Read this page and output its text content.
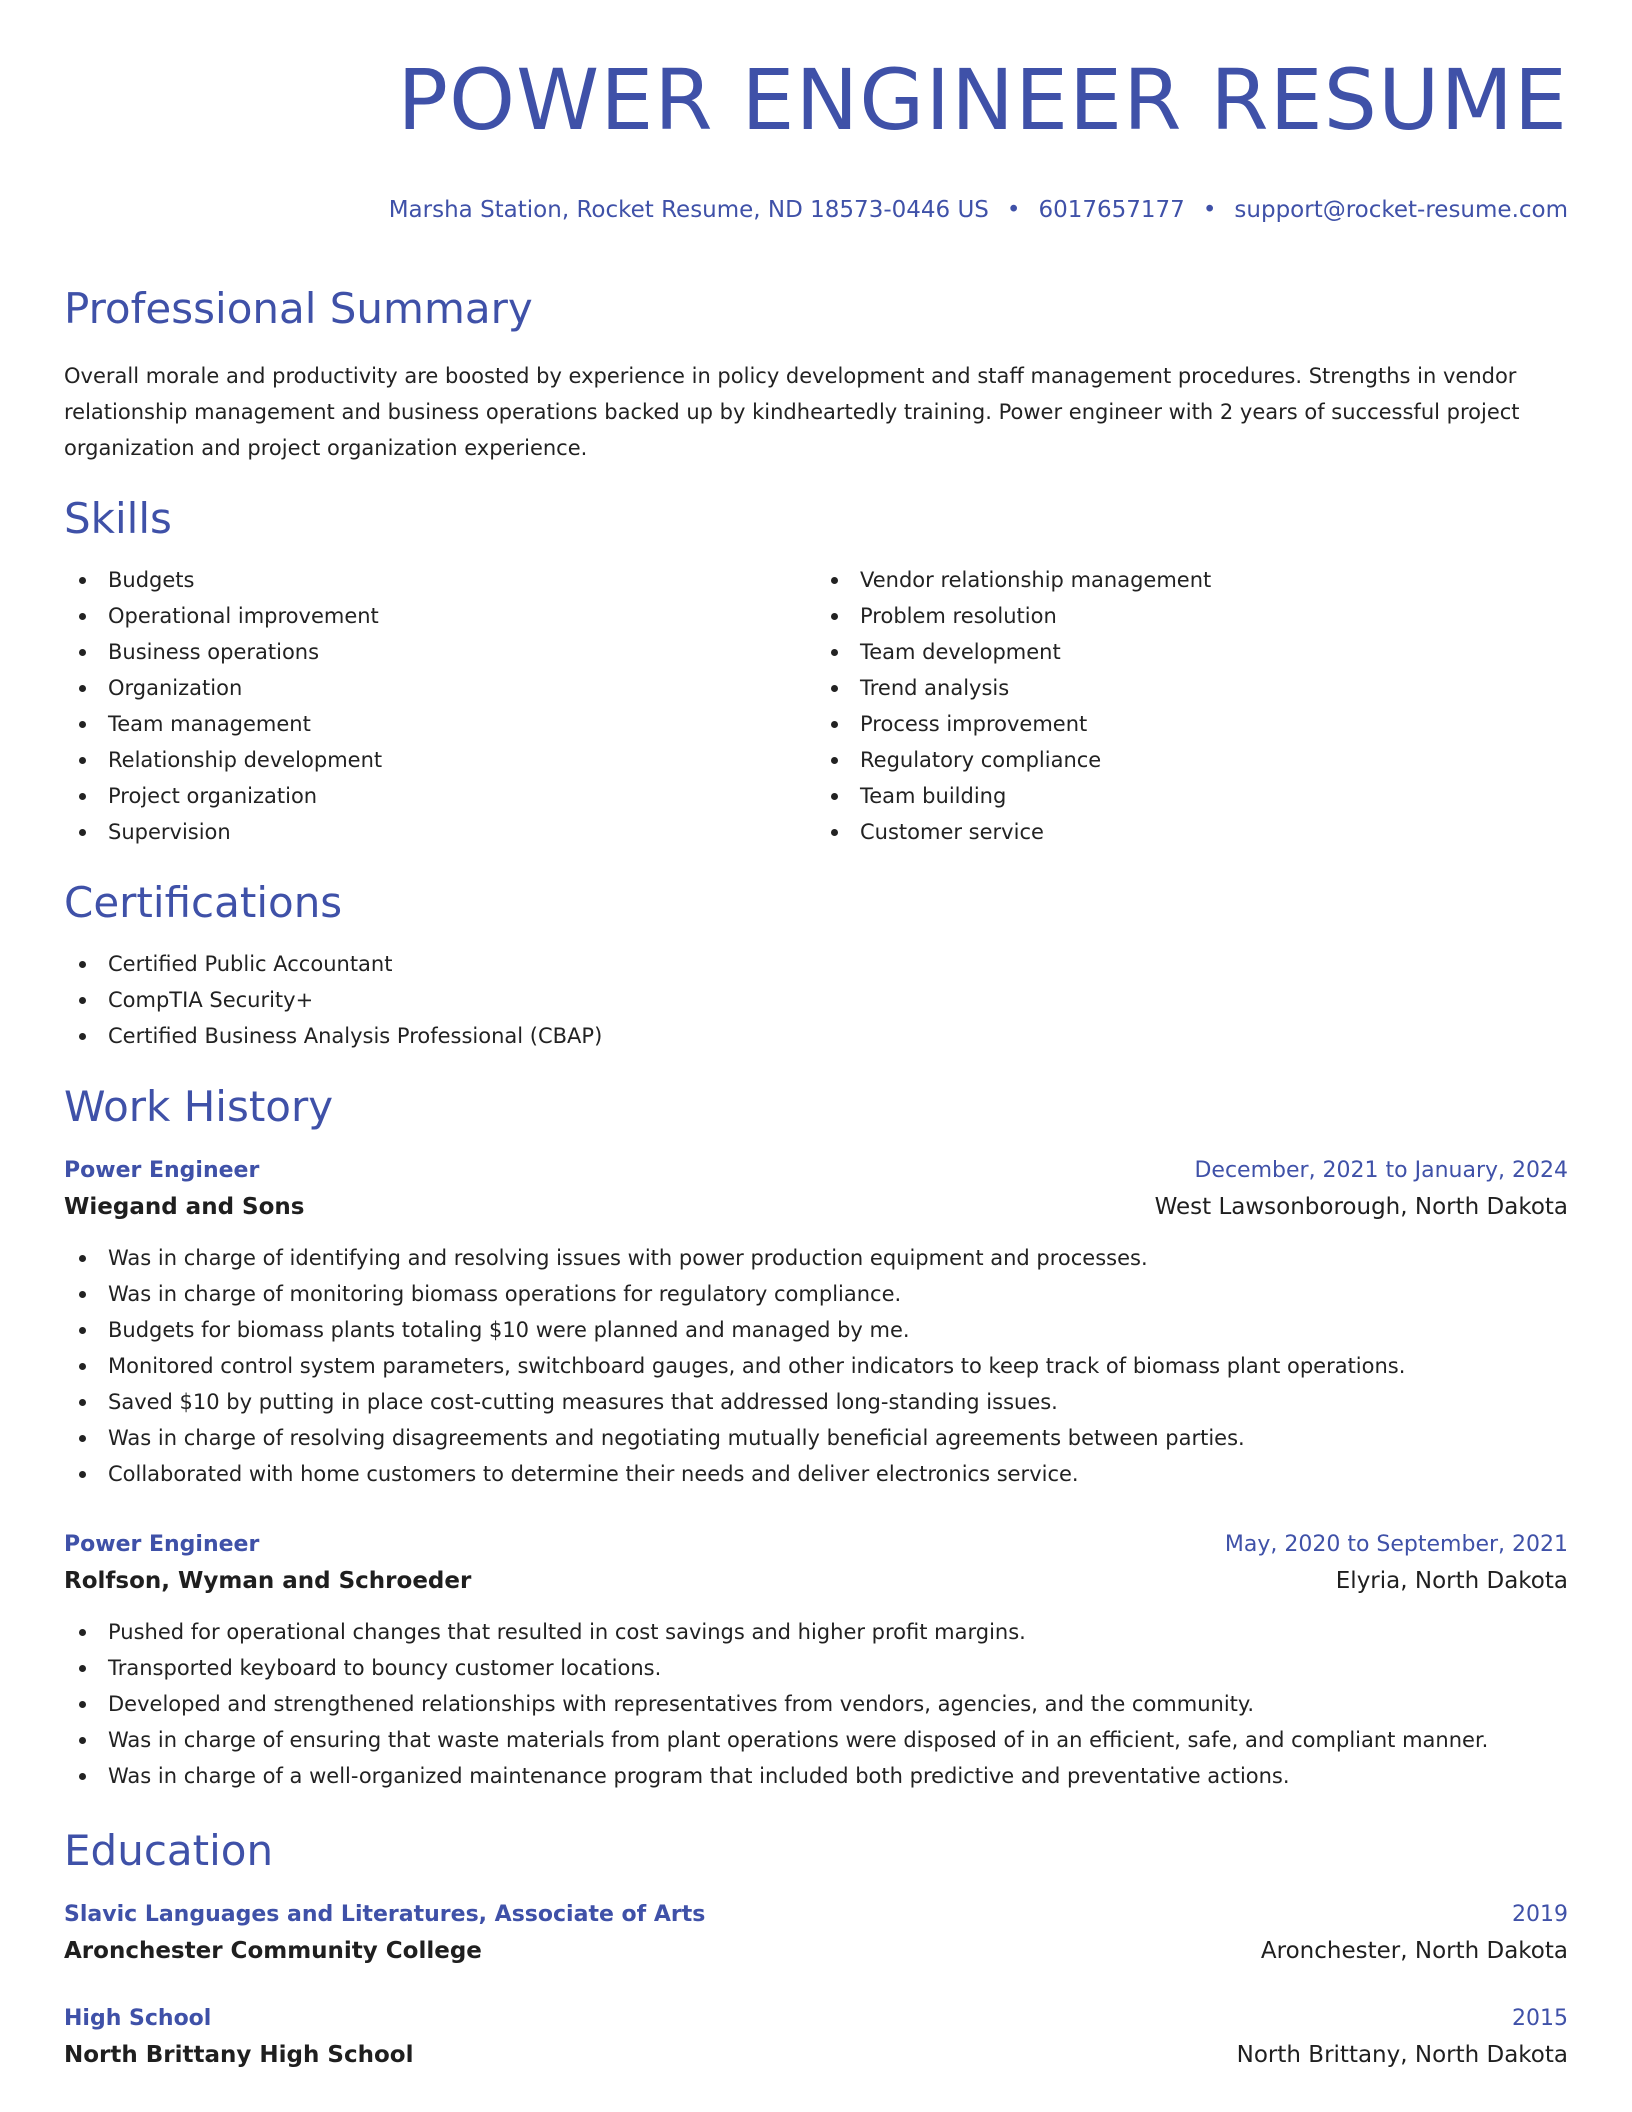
POWER ENGINEER RESUME
Marsha Station, Rocket Resume, ND 18573-0446 US • 6017657177 • support@rocket-resume.com
Professional Summary

Overall morale and productivity are boosted by experience in policy development and staff management procedures. Strengths in vendor relationship management and business operations backed up by kindheartedly training. Power engineer with 2 years of successful project organization and project organization experience.

Skills
Budgets
Operational improvement
Business operations
Organization
Team management
Relationship development
Project organization
Supervision
Vendor relationship management
Problem resolution
Team development
Trend analysis
Process improvement
Regulatory compliance
Team building
Customer service
Certifications
Certified Public Accountant
CompTIA Security+
Certified Business Analysis Professional (CBAP)
Work History
Power Engineer	December, 2021 to January, 2024
Wiegand and Sons	West Lawsonborough, North Dakota
Was in charge of identifying and resolving issues with power production equipment and processes.
Was in charge of monitoring biomass operations for regulatory compliance.
Budgets for biomass plants totaling $10 were planned and managed by me.
Monitored control system parameters, switchboard gauges, and other indicators to keep track of biomass plant operations.
Saved $10 by putting in place cost-cutting measures that addressed long-standing issues.
Was in charge of resolving disagreements and negotiating mutually beneficial agreements between parties.
Collaborated with home customers to determine their needs and deliver electronics service.
Power Engineer	May, 2020 to September, 2021
Rolfson, Wyman and Schroeder	Elyria, North Dakota
Pushed for operational changes that resulted in cost savings and higher profit margins.
Transported keyboard to bouncy customer locations.
Developed and strengthened relationships with representatives from vendors, agencies, and the community.
Was in charge of ensuring that waste materials from plant operations were disposed of in an efficient, safe, and compliant manner.
Was in charge of a well-organized maintenance program that included both predictive and preventative actions.
Education
Slavic Languages and Literatures, Associate of Arts	2019
Aronchester Community College	Aronchester, North Dakota
High School	2015
North Brittany High School	North Brittany, North Dakota
